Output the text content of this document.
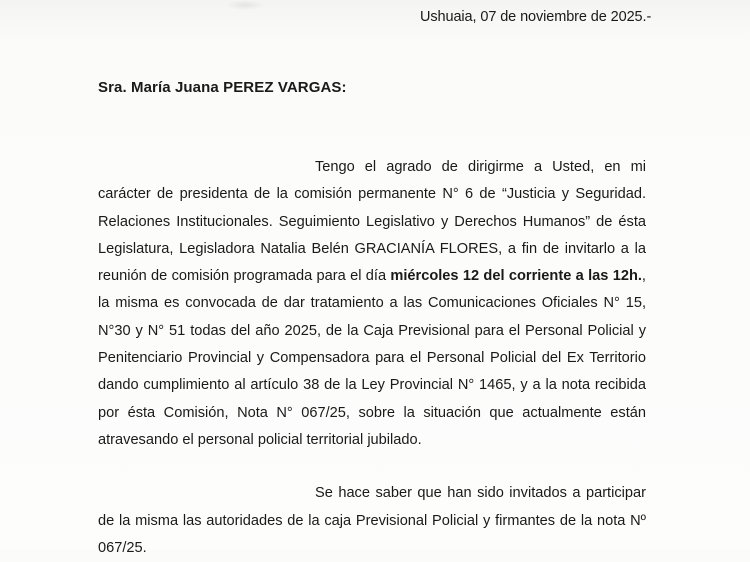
Ushuaia, 07 de noviembre de 2025.-
Sra. María Juana PEREZ VARGAS:

Tengo el agrado de dirigirme a Usted, en mi carácter de presidenta de la comisión permanente N° 6 de “Justicia y Seguridad. Relaciones Institucionales. Seguimiento Legislativo y Derechos Humanos” de ésta Legislatura, Legisladora Natalia Belén GRACIANÍA FLORES, a fin de invitarlo a la reunión de comisión programada para el día miércoles 12 del corriente a las 12h., la misma es convocada de dar tratamiento a las Comunicaciones Oficiales N° 15, N°30 y N° 51 todas del año 2025, de la Caja Previsional para el Personal Policial y Penitenciario Provincial y Compensadora para el Personal Policial del Ex Territorio dando cumplimiento al artículo 38 de la Ley Provincial N° 1465, y a la nota recibida por ésta Comisión, Nota N° 067/25, sobre la situación que actualmente están atravesando el personal policial territorial jubilado.

Se hace saber que han sido invitados a participar de la misma las autoridades de la caja Previsional Policial y firmantes de la nota Nº 067/25.
